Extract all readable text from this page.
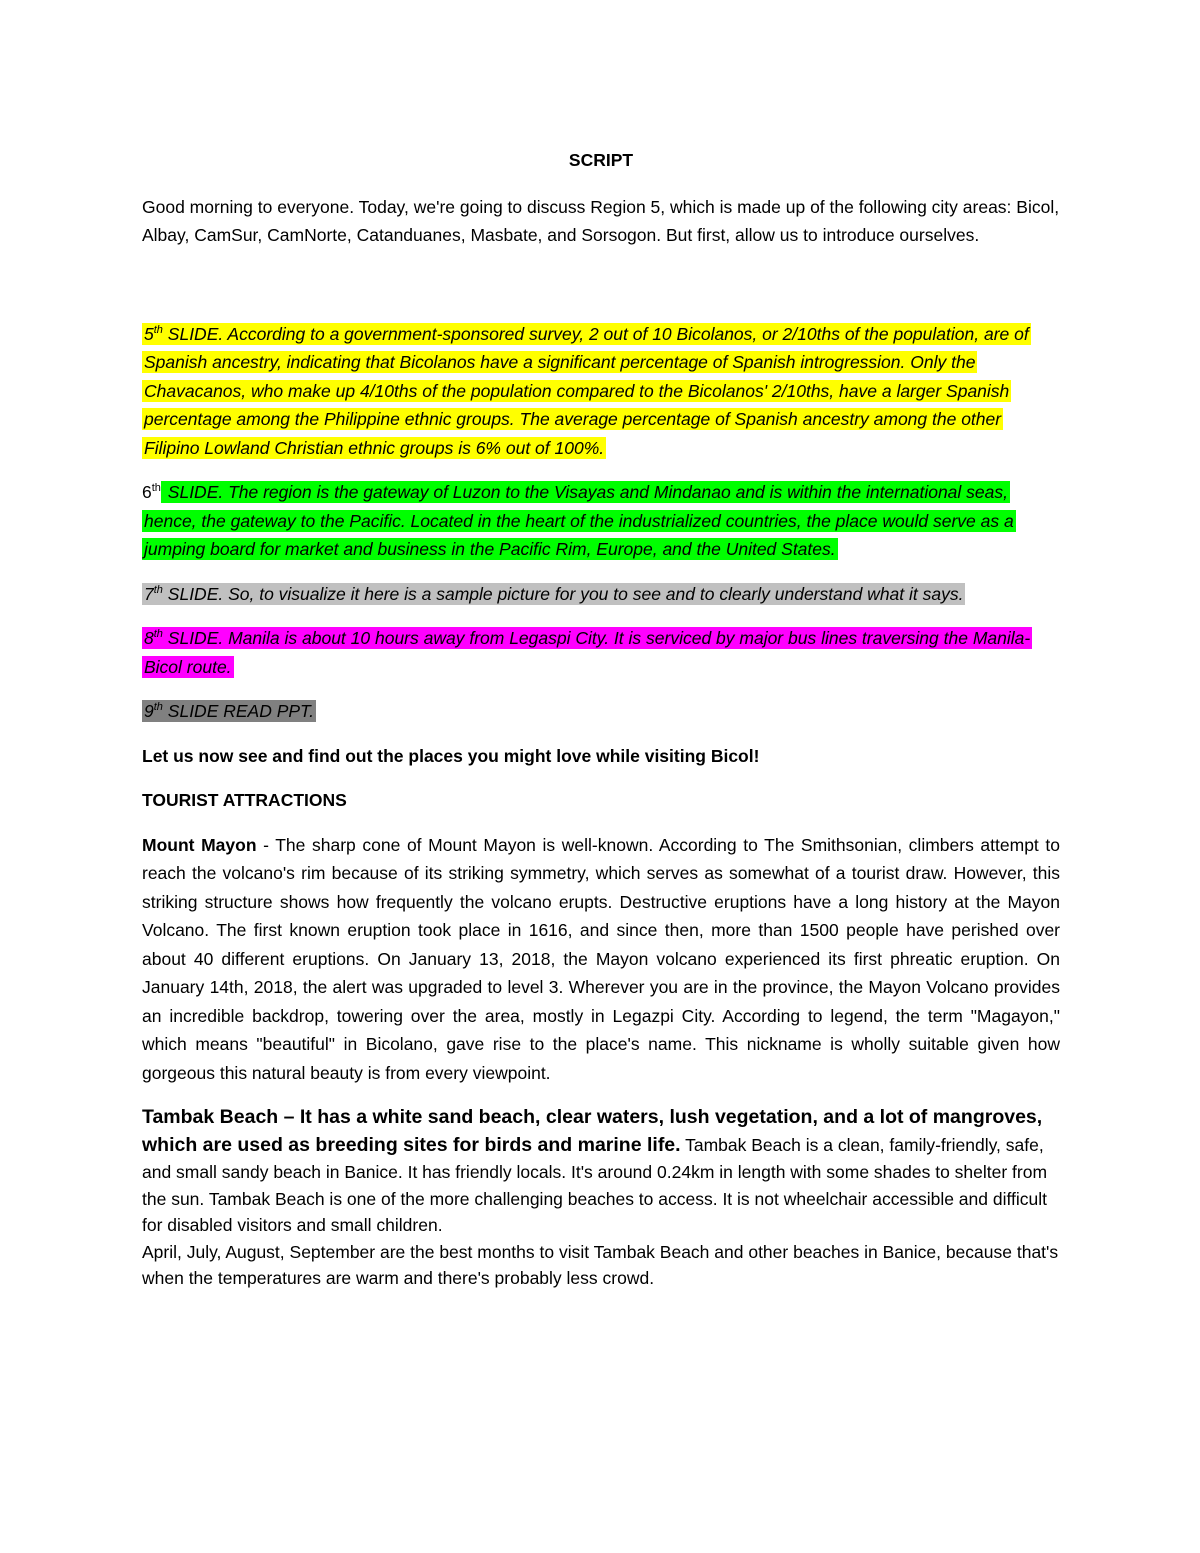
SCRIPT

Good morning to everyone. Today, we're going to discuss Region 5, which is made up of the following city areas: Bicol, Albay, CamSur, CamNorte, Catanduanes, Masbate, and Sorsogon. But first, allow us to introduce ourselves.

5th SLIDE. According to a government-sponsored survey, 2 out of 10 Bicolanos, or 2/10ths of the population, are of Spanish ancestry, indicating that Bicolanos have a significant percentage of Spanish introgression. Only the Chavacanos, who make up 4/10ths of the population compared to the Bicolanos' 2/10ths, have a larger Spanish percentage among the Philippine ethnic groups. The average percentage of Spanish ancestry among the other Filipino Lowland Christian ethnic groups is 6% out of 100%.

6th SLIDE. The region is the gateway of Luzon to the Visayas and Mindanao and is within the international seas, hence, the gateway to the Pacific. Located in the heart of the industrialized countries, the place would serve as a jumping board for market and business in the Pacific Rim, Europe, and the United States.

7th SLIDE. So, to visualize it here is a sample picture for you to see and to clearly understand what it says.

8th SLIDE. Manila is about 10 hours away from Legaspi City. It is serviced by major bus lines traversing the Manila-Bicol route.

9th SLIDE READ PPT.

Let us now see and find out the places you might love while visiting Bicol!

TOURIST ATTRACTIONS

Mount Mayon - The sharp cone of Mount Mayon is well-known. According to The Smithsonian, climbers attempt to reach the volcano's rim because of its striking symmetry, which serves as somewhat of a tourist draw. However, this striking structure shows how frequently the volcano erupts. Destructive eruptions have a long history at the Mayon Volcano. The first known eruption took place in 1616, and since then, more than 1500 people have perished over about 40 different eruptions. On January 13, 2018, the Mayon volcano experienced its first phreatic eruption. On January 14th, 2018, the alert was upgraded to level 3. Wherever you are in the province, the Mayon Volcano provides an incredible backdrop, towering over the area, mostly in Legazpi City. According to legend, the term "Magayon," which means "beautiful" in Bicolano, gave rise to the place's name. This nickname is wholly suitable given how gorgeous this natural beauty is from every viewpoint.

Tambak Beach – It has a white sand beach, clear waters, lush vegetation, and a lot of mangroves, which are used as breeding sites for birds and marine life. Tambak Beach is a clean, family-friendly, safe, and small sandy beach in Banice. It has friendly locals. It's around 0.24km in length with some shades to shelter from the sun. Tambak Beach is one of the more challenging beaches to access. It is not wheelchair accessible and difficult for disabled visitors and small children.
April, July, August, September are the best months to visit Tambak Beach and other beaches in Banice, because that's when the temperatures are warm and there's probably less crowd.
